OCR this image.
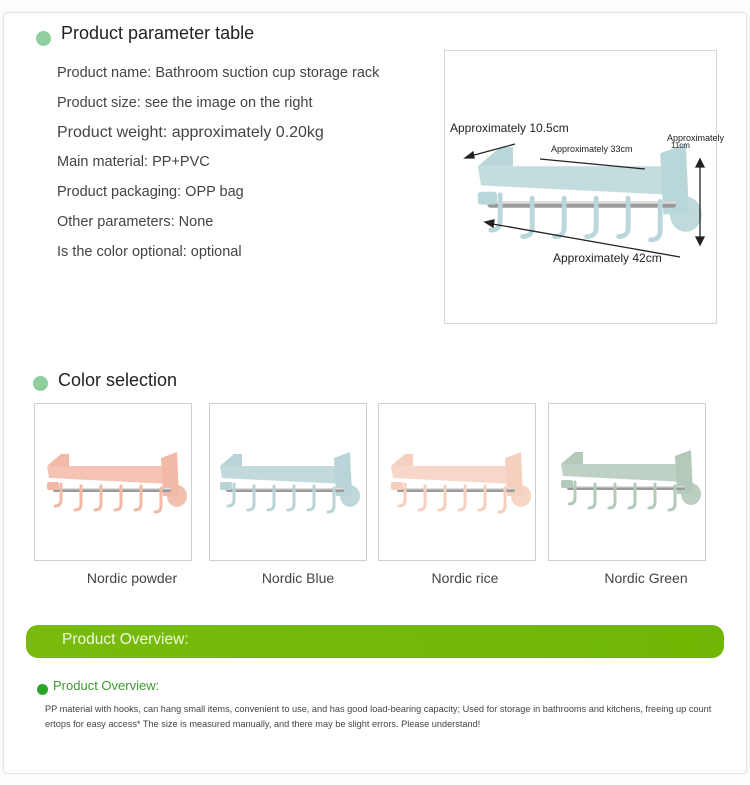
Product parameter table
Product name: Bathroom suction cup storage rack
Product size: see the image on the right
Product weight: approximately 0.20kg
Main material: PP+PVC
Product packaging: OPP bag
Other parameters: None
Is the color optional: optional
Approximately 10.5cm
Approximately 33cm
Approximately
11cm
Approximately 42cm
Color selection
Nordic powder	Nordic Blue	Nordic rice	Nordic Green
Product Overview:
Product Overview:
PP material with hooks, can hang small items, convenient to use, and has good load-bearing capacity; Used for storage in bathrooms and kitchens, freeing up countertops for easy access* The size is measured manually, and there may be slight errors. Please understand!
